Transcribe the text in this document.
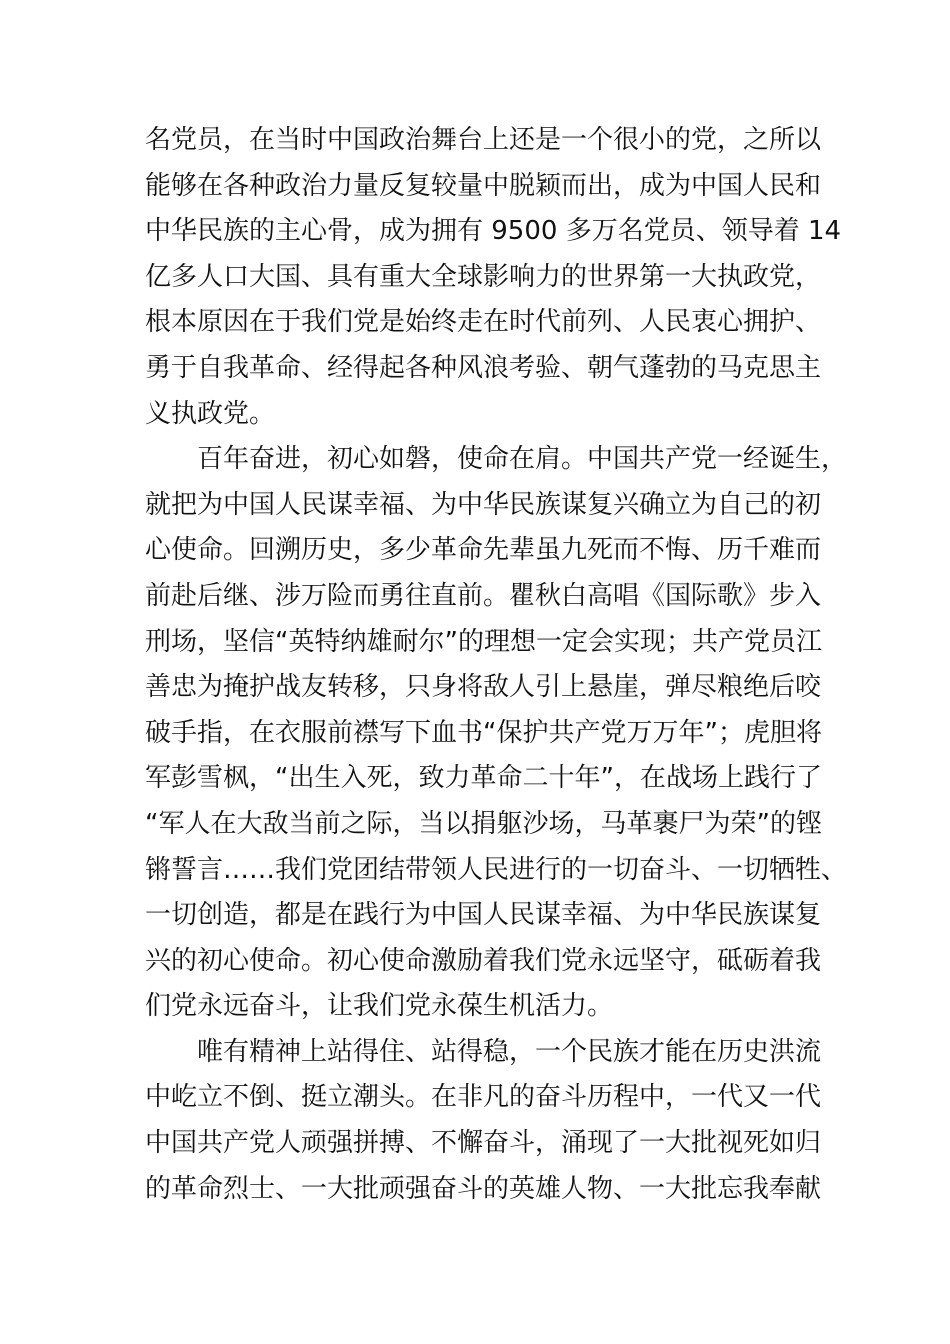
名党员，在当时中国政治舞台上还是一个很小的党，之所以
能够在各种政治力量反复较量中脱颖而出，成为中国人民和
中华民族的主心骨，成为拥有 9500 多万名党员、领导着 14
亿多人口大国、具有重大全球影响力的世界第一大执政党，
根本原因在于我们党是始终走在时代前列、人民衷心拥护、
勇于自我革命、经得起各种风浪考验、朝气蓬勃的马克思主
义执政党。
百年奋进，初心如磐，使命在肩。中国共产党一经诞生，
就把为中国人民谋幸福、为中华民族谋复兴确立为自己的初
心使命。回溯历史，多少革命先辈虽九死而不悔、历千难而
前赴后继、涉万险而勇往直前。瞿秋白高唱《国际歌》步入
刑场，坚信“英特纳雄耐尔”的理想一定会实现；共产党员江
善忠为掩护战友转移，只身将敌人引上悬崖，弹尽粮绝后咬
破手指，在衣服前襟写下血书“保护共产党万万年”；虎胆将
军彭雪枫，“出生入死，致力革命二十年”，在战场上践行了
“军人在大敌当前之际，当以捐躯沙场，马革裹尸为荣”的铿
锵誓言……我们党团结带领人民进行的一切奋斗、一切牺牲、
一切创造，都是在践行为中国人民谋幸福、为中华民族谋复
兴的初心使命。初心使命激励着我们党永远坚守，砥砺着我
们党永远奋斗，让我们党永葆生机活力。
唯有精神上站得住、站得稳，一个民族才能在历史洪流
中屹立不倒、挺立潮头。在非凡的奋斗历程中，一代又一代
中国共产党人顽强拼搏、不懈奋斗，涌现了一大批视死如归
的革命烈士、一大批顽强奋斗的英雄人物、一大批忘我奉献
